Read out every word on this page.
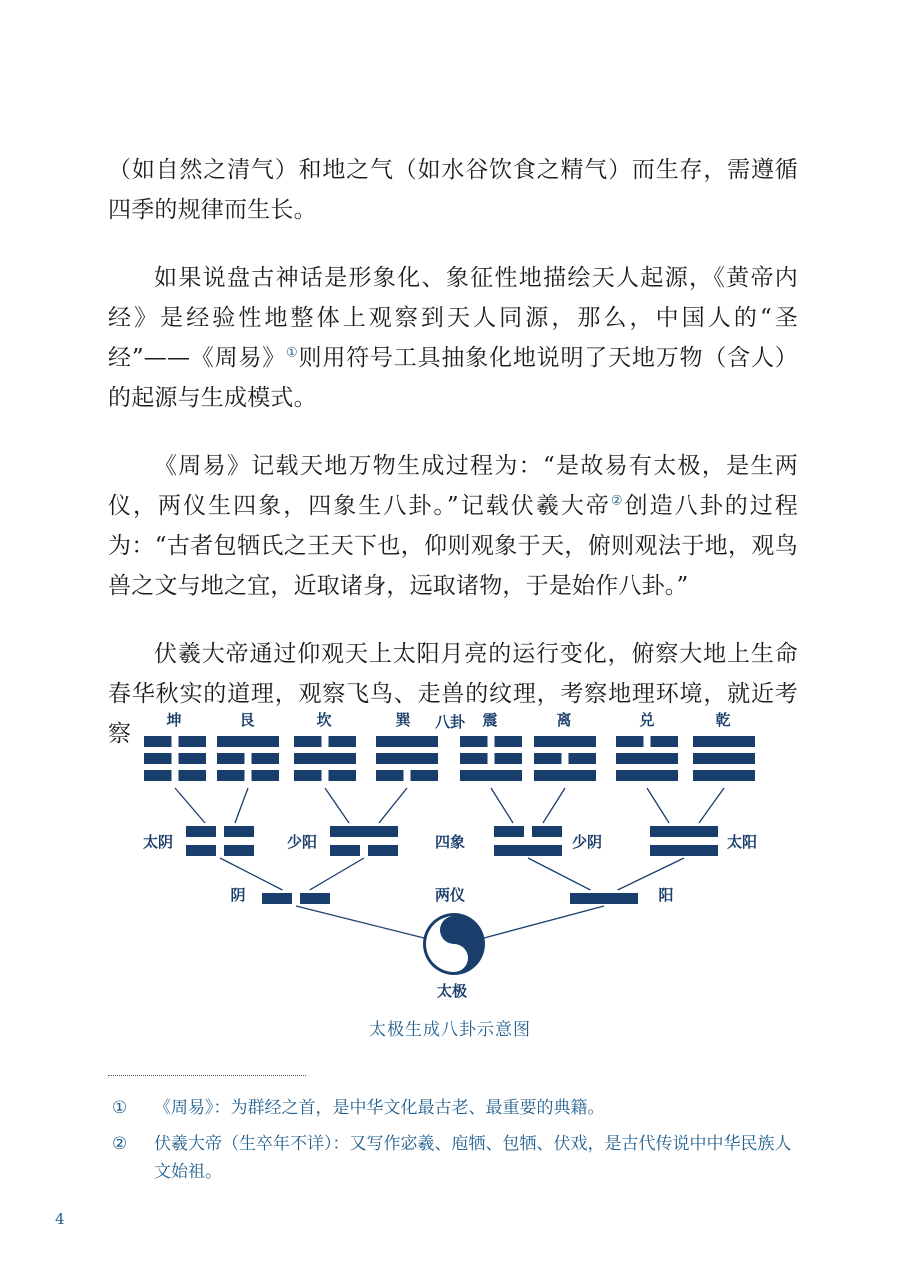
（如自然之清气）和地之气（如水谷饮食之精气）而生存，需遵循四季的规律而生长。

如果说盘古神话是形象化、象征性地描绘天人起源，《黄帝内经》是经验性地整体上观察到天人同源，那么，中国人的“圣经”——《周易》①则用符号工具抽象化地说明了天地万物（含人）的起源与生成模式。

《周易》记载天地万物生成过程为：“是故易有太极，是生两仪，两仪生四象，四象生八卦。”记载伏羲大帝②创造八卦的过程为：“古者包牺氏之王天下也，仰则观象于天，俯则观法于地，观鸟兽之文与地之宜，近取诸身，远取诸物，于是始作八卦。”

伏羲大帝通过仰观天上太阳月亮的运行变化，俯察大地上生命春华秋实的道理，观察飞鸟、走兽的纹理，考察地理环境，就近考察

坤	艮	坎	巽 八卦 震	离	兑	乾
太阴	少阳	四象	少阴	太阳
阴	两仪	阳
太极
太极生成八卦示意图
①	《周易》：为群经之首，是中华文化最古老、最重要的典籍。
②	伏羲大帝（生卒年不详）：又写作宓羲、庖牺、包牺、伏戏，是古代传说中中华民族人文始祖。
4
